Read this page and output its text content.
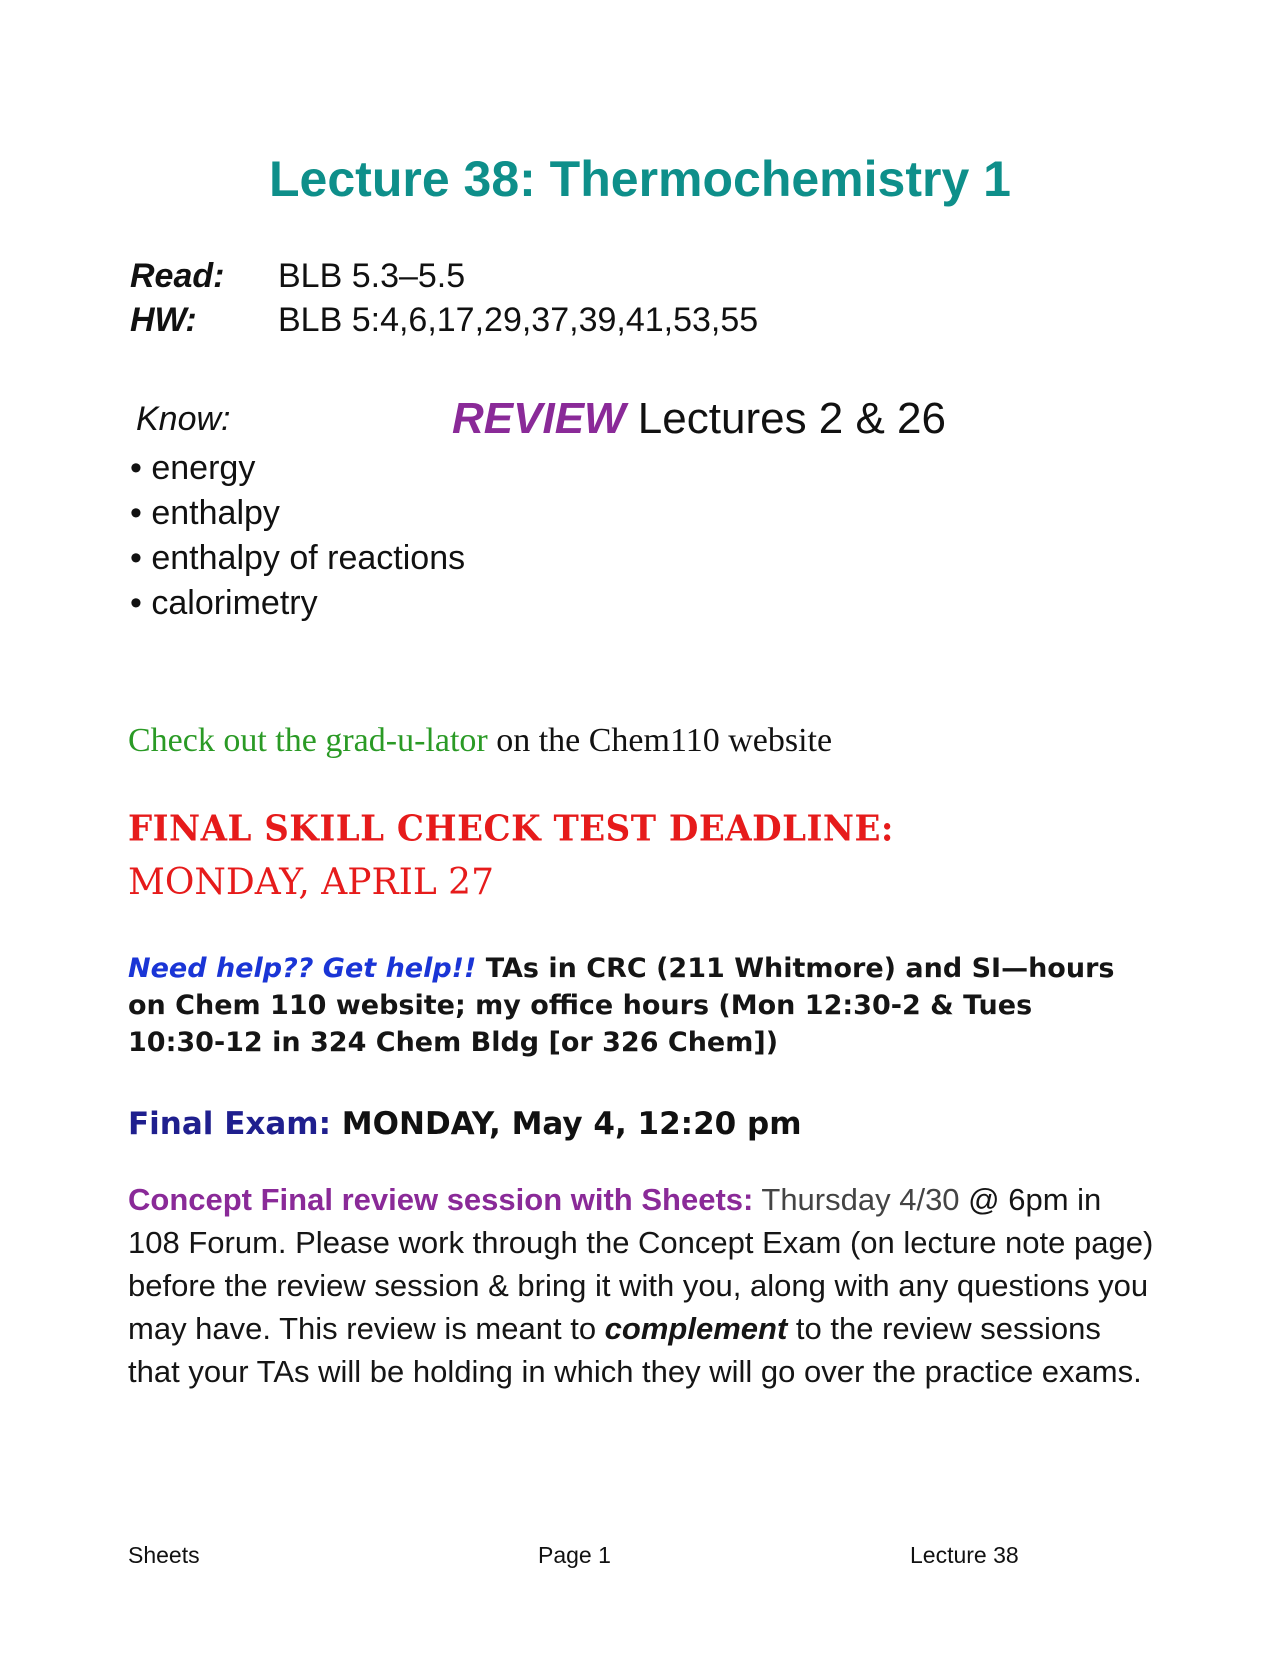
Lecture 38: Thermochemistry 1
Read: BLB 5.3–5.5
HW: BLB 5:4,6,17,29,37,39,41,53,55
Know:	REVIEW Lectures 2 & 26
• energy
• enthalpy
• enthalpy of reactions
• calorimetry
Check out the grad-u-lator on the Chem110 website
FINAL SKILL CHECK TEST DEADLINE:
MONDAY, APRIL 27
Need help?? Get help!! TAs in CRC (211 Whitmore) and SI—hours on Chem 110 website; my office hours (Mon 12:30-2 & Tues 10:30-12 in 324 Chem Bldg [or 326 Chem])
Final Exam: MONDAY, May 4, 12:20 pm
Concept Final review session with Sheets: Thursday 4/30 @ 6pm in 108 Forum. Please work through the Concept Exam (on lecture note page) before the review session & bring it with you, along with any questions you may have. This review is meant to complement to the review sessions that your TAs will be holding in which they will go over the practice exams.
Sheets	Page 1	Lecture 38
